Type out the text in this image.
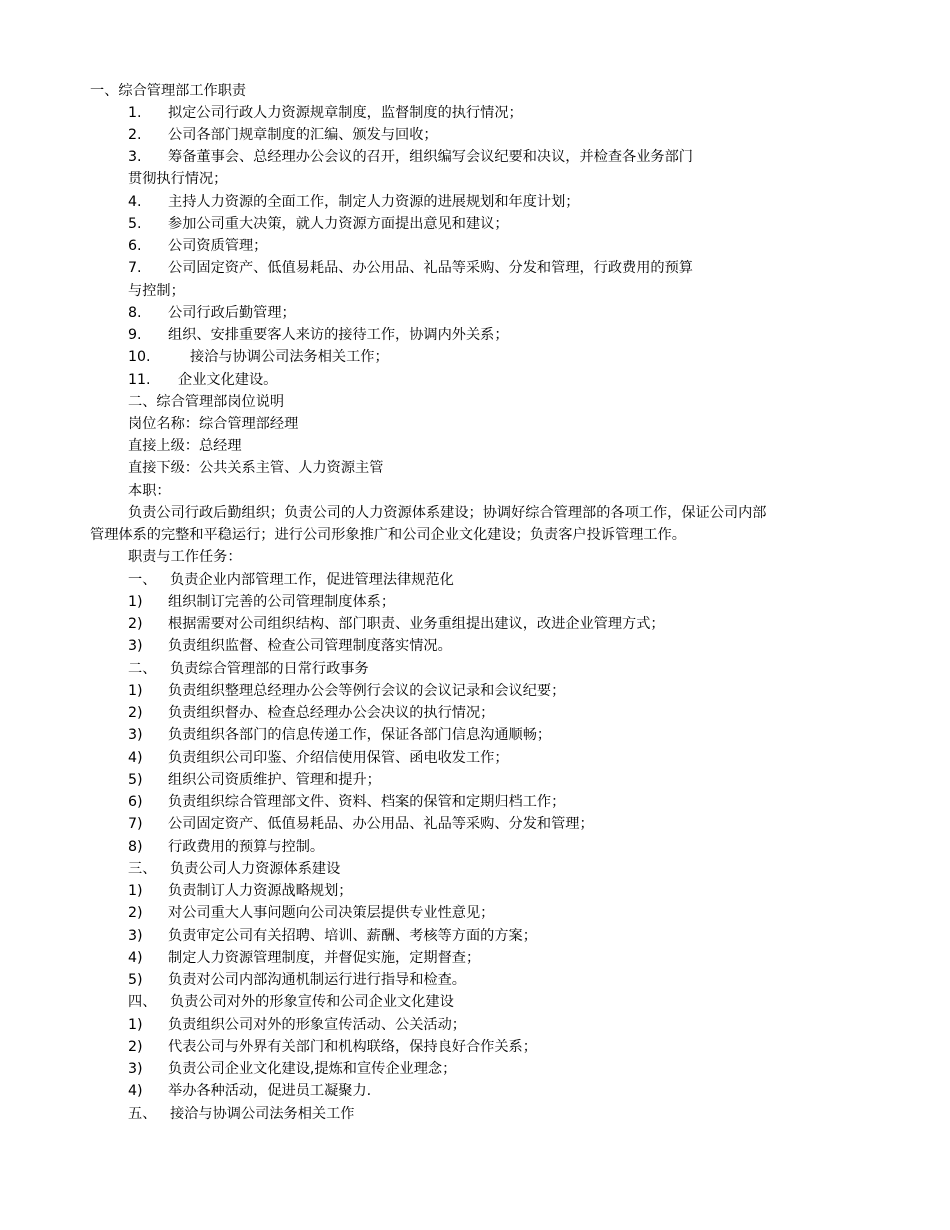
一、综合管理部工作职责
1. 拟定公司行政人力资源规章制度，监督制度的执行情况；
2. 公司各部门规章制度的汇编、颁发与回收；
3. 筹备董事会、总经理办公会议的召开，组织编写会议纪要和决议，并检查各业务部门
贯彻执行情况；
4. 主持人力资源的全面工作，制定人力资源的进展规划和年度计划；
5. 参加公司重大决策，就人力资源方面提出意见和建议；
6. 公司资质管理；
7. 公司固定资产、低值易耗品、办公用品、礼品等采购、分发和管理，行政费用的预算
与控制；
8. 公司行政后勤管理；
9. 组织、安排重要客人来访的接待工作，协调内外关系；
10.	接洽与协调公司法务相关工作；
11. 企业文化建设。
二、综合管理部岗位说明
岗位名称：综合管理部经理
直接上级：总经理
直接下级：公共关系主管、人力资源主管
本职：
负责公司行政后勤组织；负责公司的人力资源体系建设；协调好综合管理部的各项工作，保证公司内部
管理体系的完整和平稳运行；进行公司形象推广和公司企业文化建设；负责客户投诉管理工作。
职责与工作任务：
一、 负责企业内部管理工作，促进管理法律规范化
1) 组织制订完善的公司管理制度体系；
2) 根据需要对公司组织结构、部门职责、业务重组提出建议，改进企业管理方式；
3) 负责组织监督、检查公司管理制度落实情况。
二、 负责综合管理部的日常行政事务
1) 负责组织整理总经理办公会等例行会议的会议记录和会议纪要；
2) 负责组织督办、检查总经理办公会决议的执行情况；
3) 负责组织各部门的信息传递工作，保证各部门信息沟通顺畅；
4) 负责组织公司印鉴、介绍信使用保管、函电收发工作；
5) 组织公司资质维护、管理和提升；
6) 负责组织综合管理部文件、资料、档案的保管和定期归档工作；
7) 公司固定资产、低值易耗品、办公用品、礼品等采购、分发和管理；
8) 行政费用的预算与控制。
三、 负责公司人力资源体系建设
1) 负责制订人力资源战略规划；
2) 对公司重大人事问题向公司决策层提供专业性意见；
3) 负责审定公司有关招聘、培训、薪酬、考核等方面的方案；
4) 制定人力资源管理制度，并督促实施，定期督查；
5) 负责对公司内部沟通机制运行进行指导和检查。
四、 负责公司对外的形象宣传和公司企业文化建设
1) 负责组织公司对外的形象宣传活动、公关活动；
2) 代表公司与外界有关部门和机构联络，保持良好合作关系；
3) 负责公司企业文化建设,提炼和宣传企业理念；
4) 举办各种活动，促进员工凝聚力.
五、 接洽与协调公司法务相关工作
